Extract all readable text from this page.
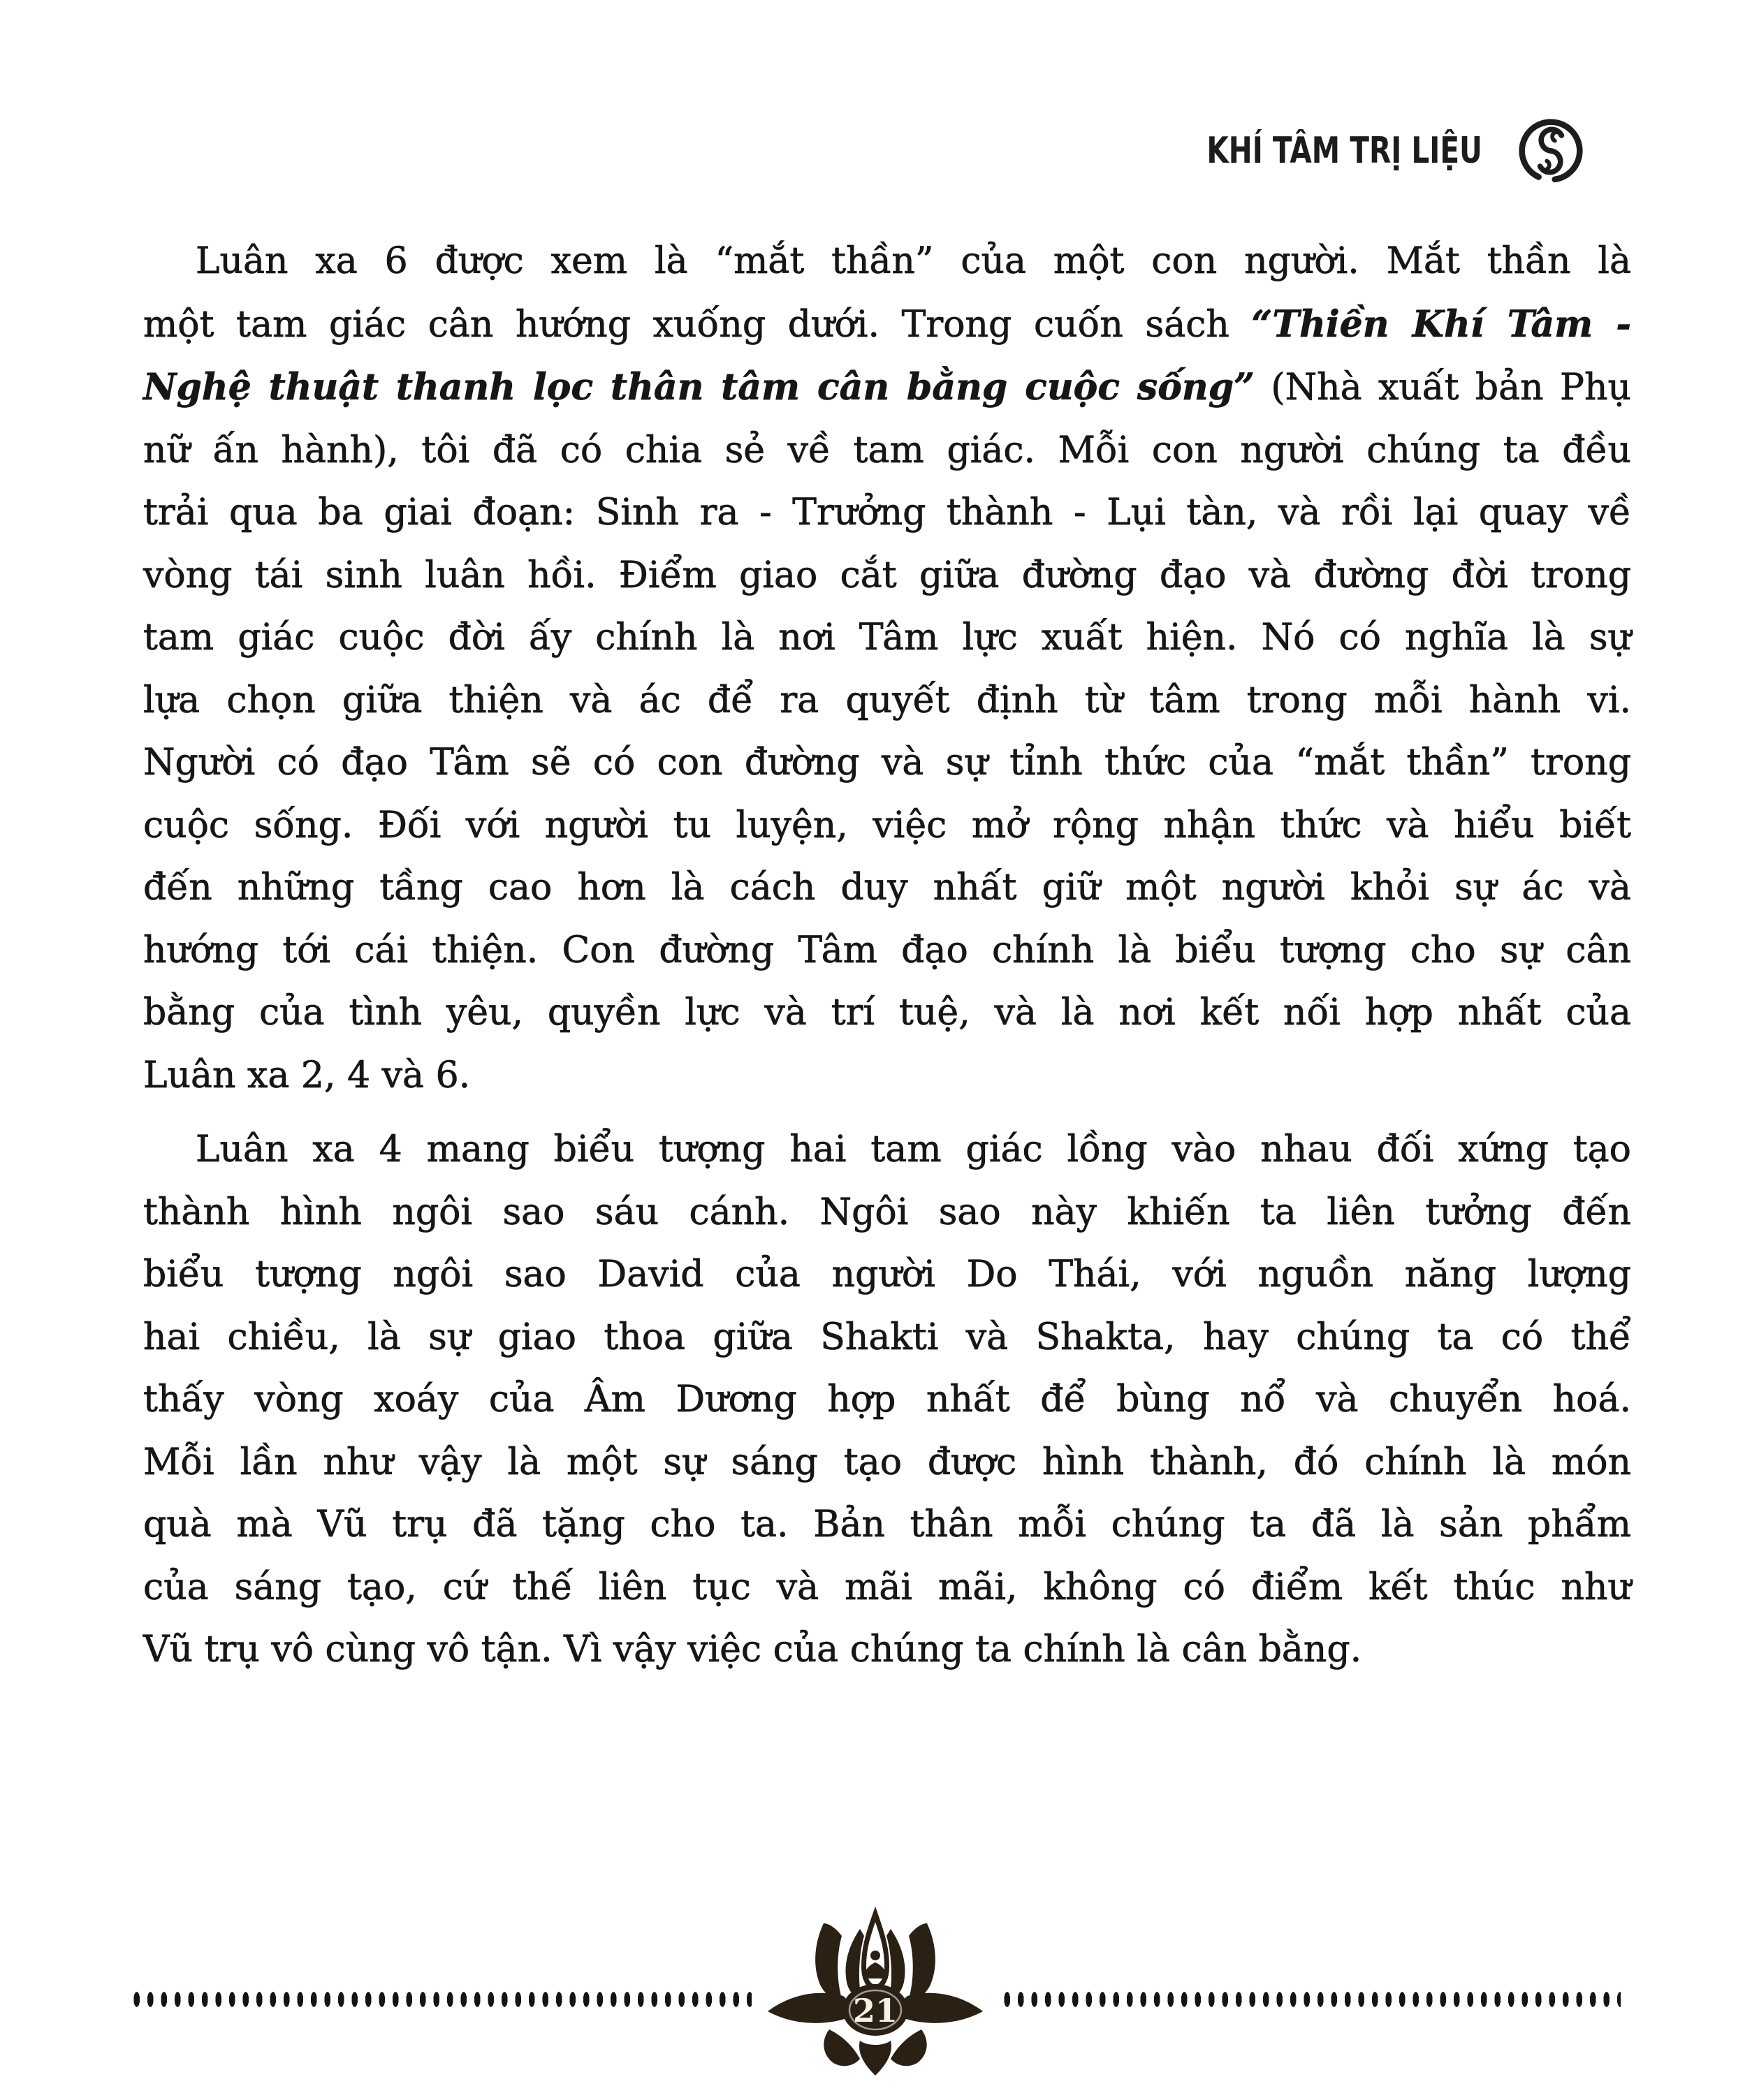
KHÍ TÂM TRỊ LIỆU
Luân xa 6 được xem là “mắt thần” của một con người. Mắt thần là
một tam giác cân hướng xuống dưới. Trong cuốn sách “Thiền Khí Tâm -
Nghệ thuật thanh lọc thân tâm cân bằng cuộc sống” (Nhà xuất bản Phụ
nữ ấn hành), tôi đã có chia sẻ về tam giác. Mỗi con người chúng ta đều
trải qua ba giai đoạn: Sinh ra - Trưởng thành - Lụi tàn, và rồi lại quay về
vòng tái sinh luân hồi. Điểm giao cắt giữa đường đạo và đường đời trong
tam giác cuộc đời ấy chính là nơi Tâm lực xuất hiện. Nó có nghĩa là sự
lựa chọn giữa thiện và ác để ra quyết định từ tâm trong mỗi hành vi.
Người có đạo Tâm sẽ có con đường và sự tỉnh thức của “mắt thần” trong
cuộc sống. Đối với người tu luyện, việc mở rộng nhận thức và hiểu biết
đến những tầng cao hơn là cách duy nhất giữ một người khỏi sự ác và
hướng tới cái thiện. Con đường Tâm đạo chính là biểu tượng cho sự cân
bằng của tình yêu, quyền lực và trí tuệ, và là nơi kết nối hợp nhất của
Luân xa 2, 4 và 6.
Luân xa 4 mang biểu tượng hai tam giác lồng vào nhau đối xứng tạo
thành hình ngôi sao sáu cánh. Ngôi sao này khiến ta liên tưởng đến
biểu tượng ngôi sao David của người Do Thái, với nguồn năng lượng
hai chiều, là sự giao thoa giữa Shakti và Shakta, hay chúng ta có thể
thấy vòng xoáy của Âm Dương hợp nhất để bùng nổ và chuyển hoá.
Mỗi lần như vậy là một sự sáng tạo được hình thành, đó chính là món
quà mà Vũ trụ đã tặng cho ta. Bản thân mỗi chúng ta đã là sản phẩm
của sáng tạo, cứ thế liên tục và mãi mãi, không có điểm kết thúc như
Vũ trụ vô cùng vô tận. Vì vậy việc của chúng ta chính là cân bằng.
21
